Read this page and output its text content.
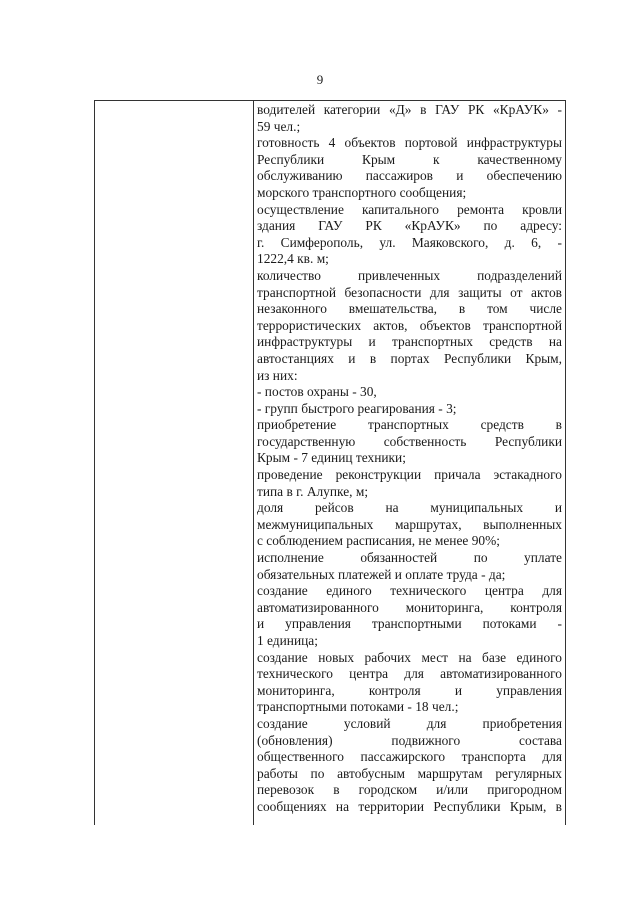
9
водителей категории «Д» в ГАУ РК «КрАУК» -
59 чел.;
готовность 4 объектов портовой инфраструктуры
Республики Крым к качественному
обслуживанию пассажиров и обеспечению
морского транспортного сообщения;
осуществление капитального ремонта кровли
здания ГАУ РК «КрАУК» по адресу:
г. Симферополь, ул. Маяковского, д. 6, -
1222,4 кв. м;
количество привлеченных подразделений
транспортной безопасности для защиты от актов
незаконного вмешательства, в том числе
террористических актов, объектов транспортной
инфраструктуры и транспортных средств на
автостанциях и в портах Республики Крым,
из них:
- постов охраны - 30,
- групп быстрого реагирования - 3;
приобретение транспортных средств в
государственную собственность Республики
Крым - 7 единиц техники;
проведение реконструкции причала эстакадного
типа в г. Алупке, м;
доля рейсов на муниципальных и
межмуниципальных маршрутах, выполненных
с соблюдением расписания, не менее 90%;
исполнение обязанностей по уплате
обязательных платежей и оплате труда - да;
создание единого технического центра для
автоматизированного мониторинга, контроля
и управления транспортными потоками -
1 единица;
создание новых рабочих мест на базе единого
технического центра для автоматизированного
мониторинга, контроля и управления
транспортными потоками - 18 чел.;
создание условий для приобретения
(обновления) подвижного состава
общественного пассажирского транспорта для
работы по автобусным маршрутам регулярных
перевозок в городском и/или пригородном
сообщениях на территории Республики Крым, в
